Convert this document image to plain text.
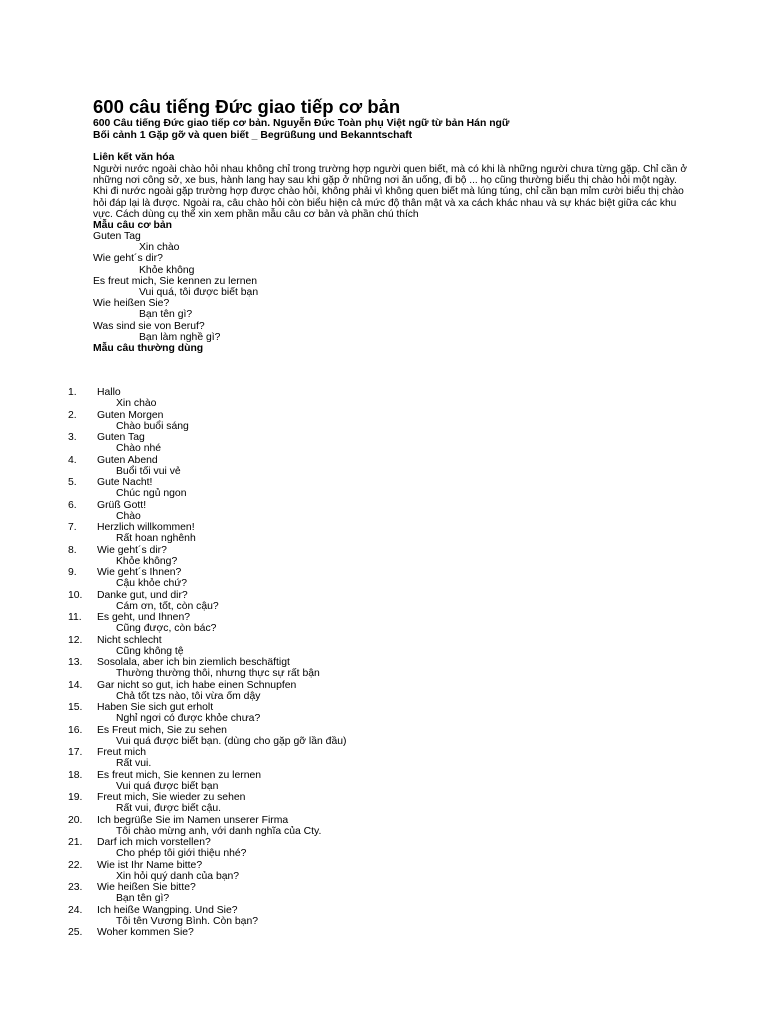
600 câu tiếng Đức giao tiếp cơ bản
600 Câu tiếng Đức giao tiếp cơ bản. Nguyễn Đức Toàn phụ Việt ngữ từ bản Hán ngữ
Bối cảnh 1 Gặp gỡ và quen biết _ Begrüßung und Bekanntschaft
Liên kết văn hóa

Người nước ngoài chào hỏi nhau không chỉ trong trường hợp người quen biết, mà có khi là những người chưa từng gặp. Chỉ cần ở những nơi công sở, xe bus, hành lang hay sau khi gặp ở những nơi ăn uống, đi bộ ... họ cũng thường biểu thị chào hỏi một ngày. Khi đi nước ngoài gặp trường hợp được chào hỏi, không phải vì không quen biết mà lúng túng, chỉ cần bạn mỉm cười biểu thị chào hỏi đáp lại là được. Ngoài ra, câu chào hỏi còn biểu hiện cả mức độ thân mật và xa cách khác nhau và sự khác biệt giữa các khu vực. Cách dùng cụ thể xin xem phần mẫu câu cơ bản và phần chú thích

Mẫu câu cơ bản
Guten Tag
Xin chào
Wie geht´s dir?
Khỏe không
Es freut mich, Sie kennen zu lernen
Vui quá, tôi được biết bạn
Wie heißen Sie?
Bạn tên gì?
Was sind sie von Beruf?
Bạn làm nghề gì?
Mẫu câu thường dùng
1.	Hallo
Xin chào
2.	Guten Morgen
Chào buổi sáng
3.	Guten Tag
Chào nhé
4.	Guten Abend
Buổi tối vui vẻ
5.	Gute Nacht!
Chúc ngủ ngon
6.	Grüß Gott!
Chào
7.	Herzlich willkommen!
Rất hoan nghênh
8.	Wie geht´s dir?
Khỏe không?
9.	Wie geht´s Ihnen?
Cậu khỏe chứ?
10.	Danke gut, und dir?
Cám ơn, tốt, còn cậu?
11.	Es geht, und Ihnen?
Cũng được, còn bác?
12.	Nicht schlecht
Cũng không tệ
13.	Sosolala, aber ich bin ziemlich beschäftigt
Thường thường thôi, nhưng thực sự rất bận
14.	Gar nicht so gut, ich habe einen Schnupfen
Chả tốt tzs nào, tôi vừa ốm dậy
15.	Haben Sie sich gut erholt
Nghỉ ngơi có được khỏe chưa?
16.	Es Freut mich, Sie zu sehen
Vui quá được biết bạn. (dùng cho gặp gỡ lần đầu)
17.	Freut mich
Rất vui.
18.	Es freut mich, Sie kennen zu lernen
Vui quá được biết bạn
19.	Freut mich, Sie wieder zu sehen
Rất vui, được biết cậu.
20.	Ich begrüße Sie im Namen unserer Firma
Tôi chào mừng anh, với danh nghĩa của Cty.
21.	Darf ich mich vorstellen?
Cho phép tôi giới thiệu nhé?
22.	Wie ist Ihr Name bitte?
Xin hỏi quý danh của bạn?
23.	Wie heißen Sie bitte?
Bạn tên gì?
24.	Ich heiße Wangping. Und Sie?
Tôi tên Vương Bình. Còn bạn?
25.	Woher kommen Sie?
